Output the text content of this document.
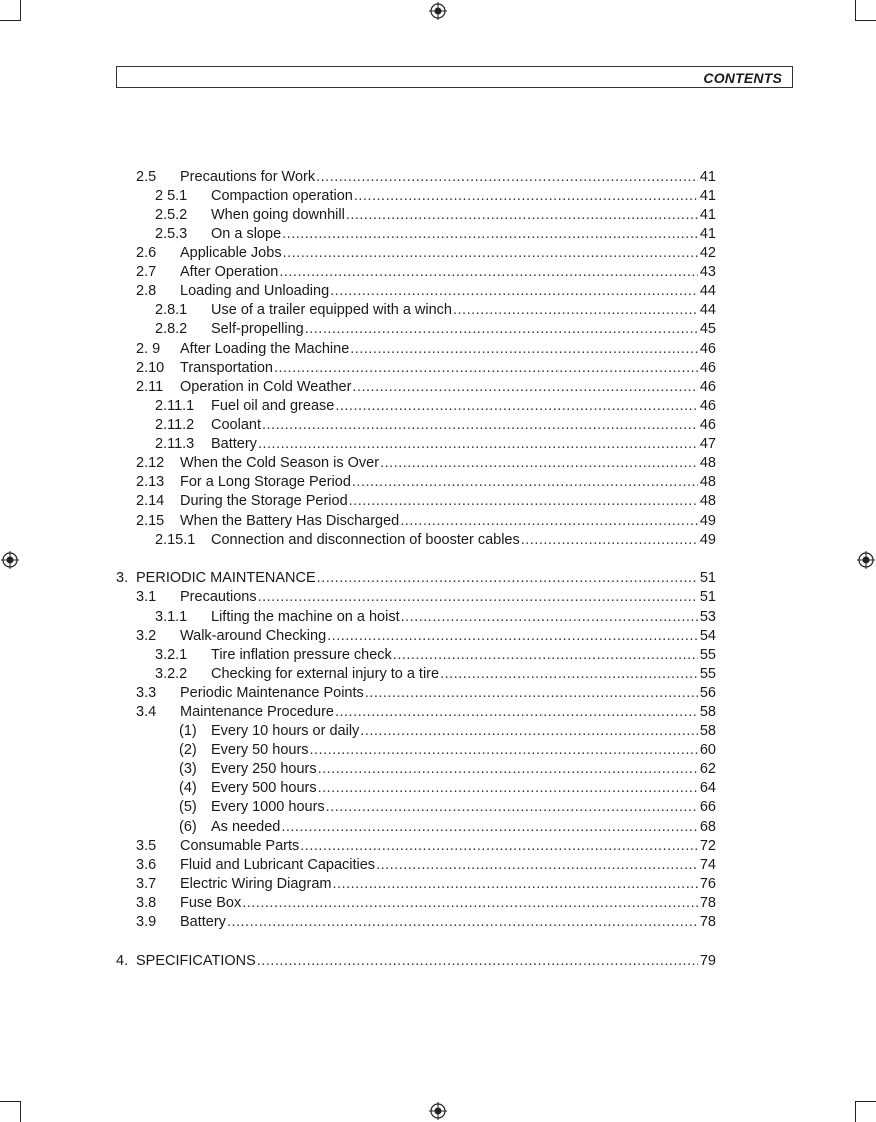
CONTENTS
2.5	Precautions for Work .....	41
2 5.1	Compaction operation .....	41
2.5.2	When going downhill .....	41
2.5.3	On a slope .....	41
2.6	Applicable Jobs .....	42
2.7	After Operation .....	43
2.8	Loading and Unloading .....	44
2.8.1	Use of a trailer equipped with a winch .....	44
2.8.2	Self-propelling .....	45
2. 9	After Loading the Machine .....	46
2.10	Transportation .....	46
2.11	Operation in Cold Weather .....	46
2.11.1	Fuel oil and grease .....	46
2.11.2	Coolant .....	46
2.11.3	Battery .....	47
2.12	When the Cold Season is Over .....	48
2.13	For a Long Storage Period .....	48
2.14	During the Storage Period .....	48
2.15	When the Battery Has Discharged .....	49
2.15.1	Connection and disconnection of booster cables .....	49
3. PERIODIC MAINTENANCE .....	51
3.1	Precautions .....	51
3.1.1	Lifting the machine on a hoist .....	53
3.2	Walk-around Checking .....	54
3.2.1	Tire inflation pressure check .....	55
3.2.2	Checking for external injury to a tire .....	55
3.3	Periodic Maintenance Points .....	56
3.4	Maintenance Procedure .....	58
(1) Every 10 hours or daily .....	58
(2) Every 50 hours .....	60
(3) Every 250 hours .....	62
(4) Every 500 hours .....	64
(5) Every 1000 hours .....	66
(6) As needed .....	68
3.5	Consumable Parts .....	72
3.6	Fluid and Lubricant Capacities .....	74
3.7	Electric Wiring Diagram .....	76
3.8	Fuse Box .....	78
3.9	Battery .....	78
4. SPECIFICATIONS .....	79
